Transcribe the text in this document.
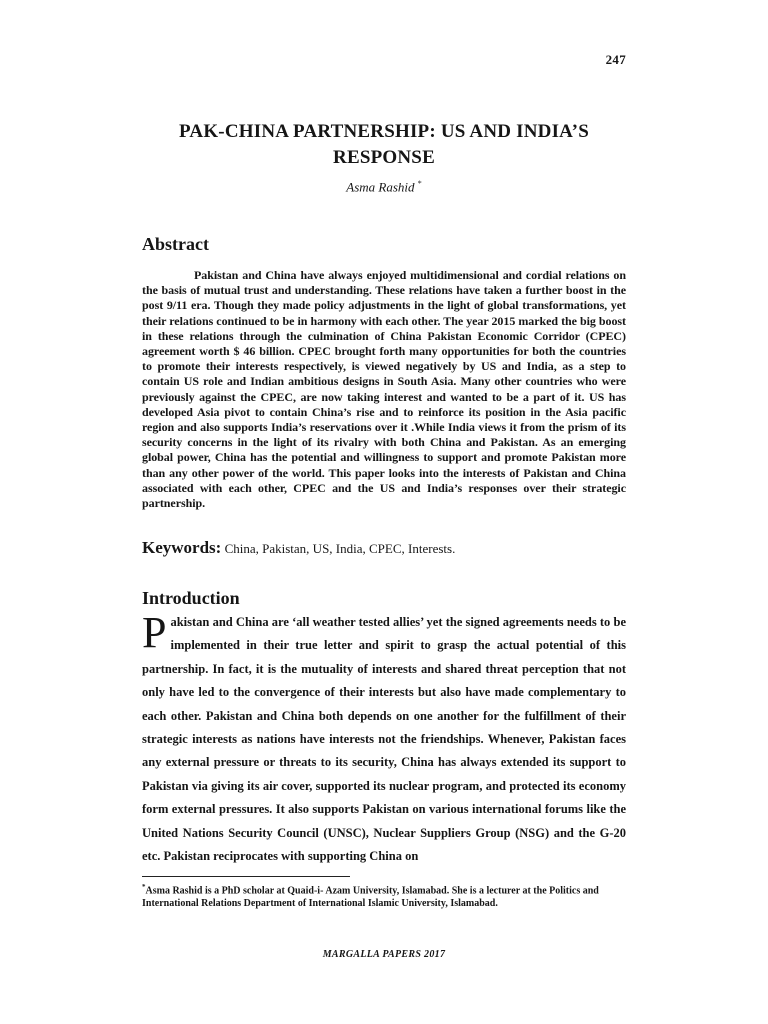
247
PAK-CHINA PARTNERSHIP: US AND INDIA’S RESPONSE
Asma Rashid *
Abstract

Pakistan and China have always enjoyed multidimensional and cordial relations on the basis of mutual trust and understanding. These relations have taken a further boost in the post 9/11 era. Though they made policy adjustments in the light of global transformations, yet their relations continued to be in harmony with each other. The year 2015 marked the big boost in these relations through the culmination of China Pakistan Economic Corridor (CPEC) agreement worth $ 46 billion. CPEC brought forth many opportunities for both the countries to promote their interests respectively, is viewed negatively by US and India, as a step to contain US role and Indian ambitious designs in South Asia. Many other countries who were previously against the CPEC, are now taking interest and wanted to be a part of it. US has developed Asia pivot to contain China’s rise and to reinforce its position in the Asia pacific region and also supports India’s reservations over it .While India views it from the prism of its security concerns in the light of its rivalry with both China and Pakistan. As an emerging global power, China has the potential and willingness to support and promote Pakistan more than any other power of the world. This paper looks into the interests of Pakistan and China associated with each other, CPEC and the US and India’s responses over their strategic partnership.

Keywords: China, Pakistan, US, India, CPEC, Interests.

Introduction

Pakistan and China are ‘all weather tested allies’ yet the signed agreements needs to be implemented in their true letter and spirit to grasp the actual potential of this partnership. In fact, it is the mutuality of interests and shared threat perception that not only have led to the convergence of their interests but also have made complementary to each other. Pakistan and China both depends on one another for the fulfillment of their strategic interests as nations have interests not the friendships. Whenever, Pakistan faces any external pressure or threats to its security, China has always extended its support to Pakistan via giving its air cover, supported its nuclear program, and protected its economy form external pressures. It also supports Pakistan on various international forums like the United Nations Security Council (UNSC), Nuclear Suppliers Group (NSG) and the G-20 etc. Pakistan reciprocates with supporting China on

*Asma Rashid is a PhD scholar at Quaid-i- Azam University, Islamabad. She is a lecturer at the Politics and International Relations Department of International Islamic University, Islamabad.

MARGALLA PAPERS 2017
